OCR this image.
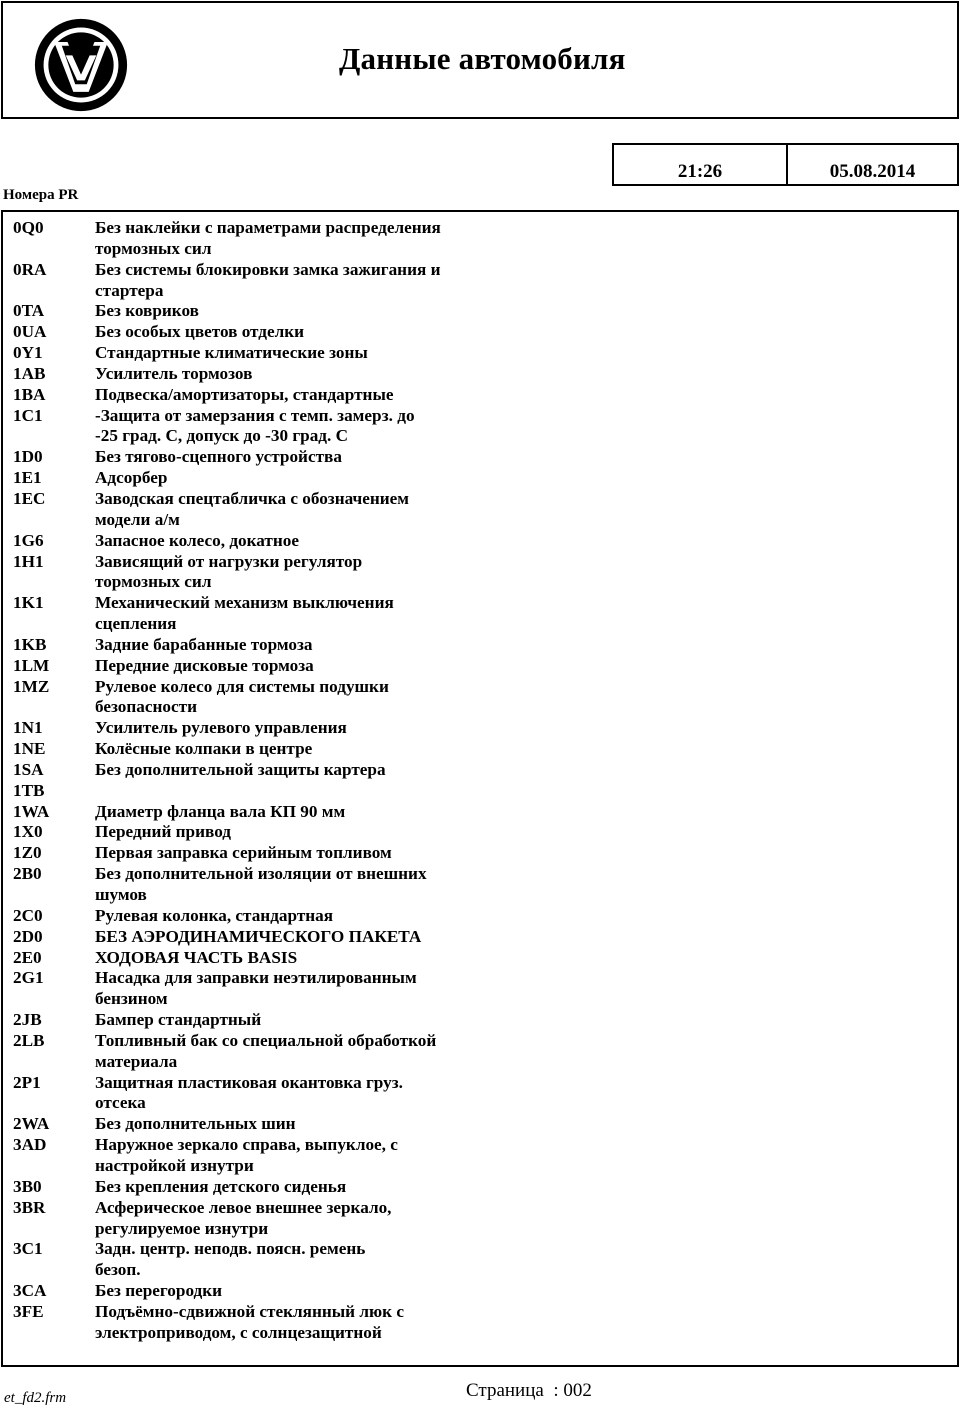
Данные автомобиля
21:26	05.08.2014
Номера PR
0Q0	Без наклейки с параметрами распределения
тормозных сил
0RA	Без системы блокировки замка зажигания и
стартера
0TA	Без ковриков
0UA	Без особых цветов отделки
0Y1	Стандартные климатические зоны
1AB	Усилитель тормозов
1BA	Подвеска/амортизаторы, стандартные
1C1	-Защита от замерзания с темп. замерз. до
-25 град. С, допуск до -30 град. С
1D0	Без тягово-сцепного устройства
1E1	Адсорбер
1EC	Заводская спецтабличка с обозначением
модели а/м
1G6	Запасное колесо, докатное
1H1	Зависящий от нагрузки регулятор
тормозных сил
1K1	Механический механизм выключения
сцепления
1KB	Задние барабанные тормоза
1LM	Передние дисковые тормоза
1MZ	Рулевое колесо для системы подушки
безопасности
1N1	Усилитель рулевого управления
1NE	Колёсные колпаки в центре
1SA	Без дополнительной защиты картера
1TB
1WA	Диаметр фланца вала КП 90 мм
1X0	Передний привод
1Z0	Первая заправка серийным топливом
2B0	Без дополнительной изоляции от внешних
шумов
2C0	Рулевая колонка, стандартная
2D0	БЕЗ АЭРОДИНАМИЧЕСКОГО ПАКЕТА
2E0	ХОДОВАЯ ЧАСТЬ BASIS
2G1	Насадка для заправки неэтилированным
бензином
2JB	Бампер стандартный
2LB	Топливный бак со специальной обработкой
материала
2P1	Защитная пластиковая окантовка груз.
отсека
2WA	Без дополнительных шин
3AD	Наружное зеркало справа, выпуклое, с
настройкой изнутри
3B0	Без крепления детского сиденья
3BR	Асферическое левое внешнее зеркало,
регулируемое изнутри
3C1	Задн. центр. неподв. поясн. ремень
безоп.
3CA	Без перегородки
3FE	Подъёмно-сдвижной стеклянный люк с
электроприводом, с солнцезащитной
Страница  : 002
et_fd2.frm
